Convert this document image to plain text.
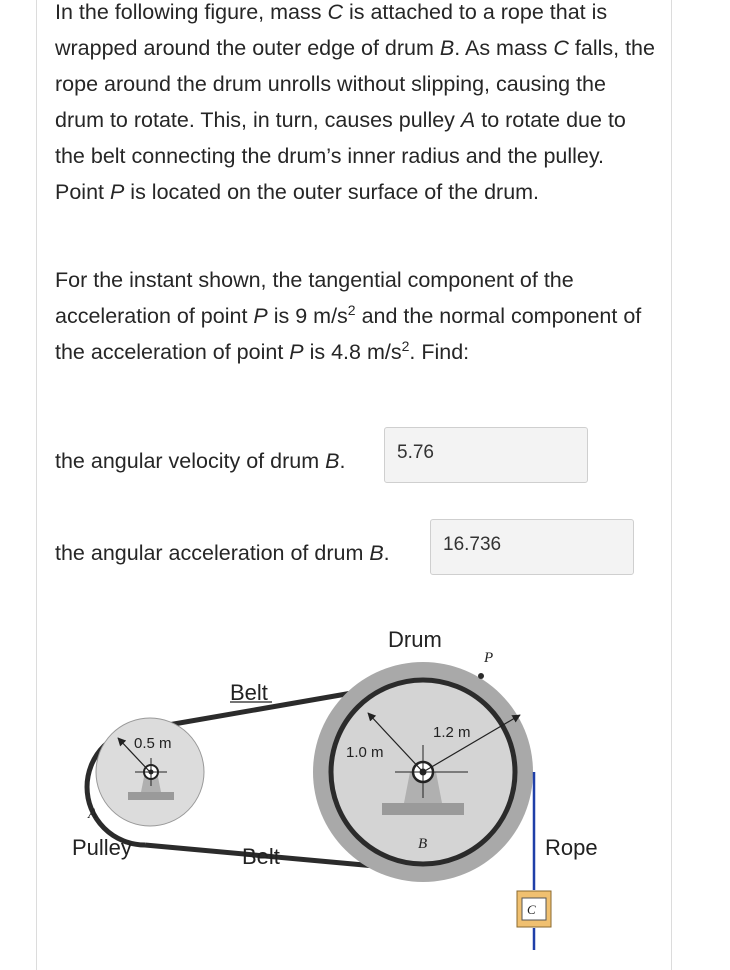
In the following figure, mass C is attached to a rope that is wrapped around the outer edge of drum B. As mass C falls, the rope around the drum unrolls without slipping, causing the drum to rotate. This, in turn, causes pulley A to rotate due to the belt connecting the drum’s inner radius and the pulley. Point P is located on the outer surface of the drum.

For the instant shown, the tangential component of the acceleration of point P is 9 $m/s^2$ and the normal component of the acceleration of point P is 4.8 $m/s^2$. Find:

the angular velocity of drum B.	5.76
the angular acceleration of drum B.	16.736
0.5 m
A
Pulley
1.0 m
1.2 m
P
Drum
B
Belt
Belt
C
Rope
